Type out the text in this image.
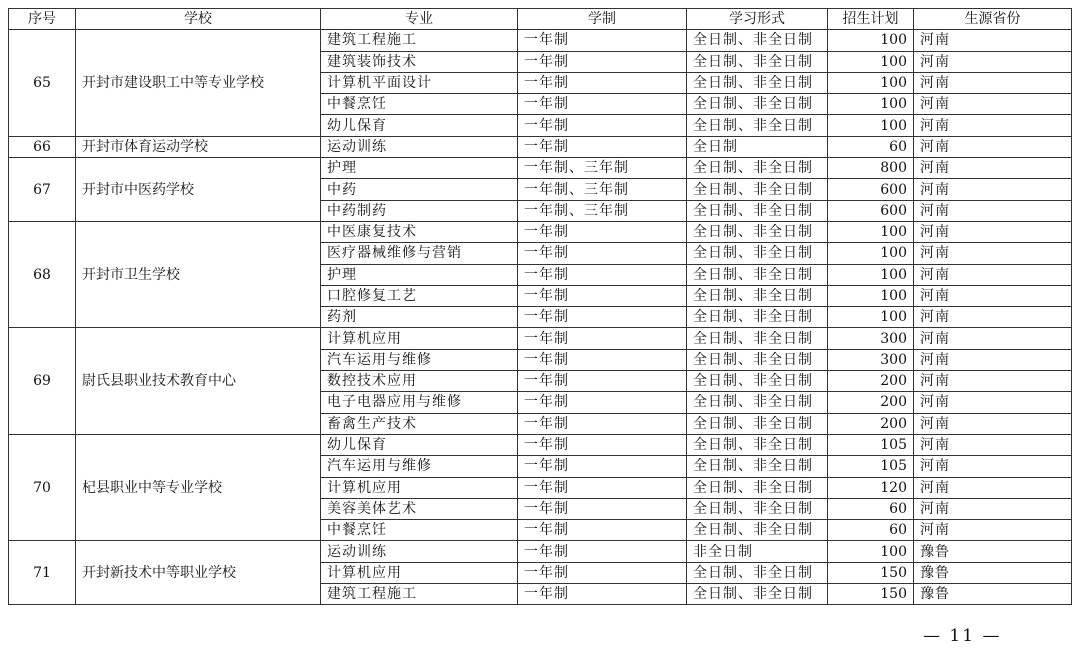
序号	学校	专业	学制	学习形式	招生计划	生源省份
65	开封市建设职工中等专业学校	建筑工程施工	一年制	全日制、非全日制	100	河南
		建筑装饰技术	一年制	全日制、非全日制	100	河南
		计算机平面设计	一年制	全日制、非全日制	100	河南
		中餐烹饪	一年制	全日制、非全日制	100	河南
		幼儿保育	一年制	全日制、非全日制	100	河南
66	开封市体育运动学校	运动训练	一年制	全日制	60	河南
67	开封市中医药学校	护理	一年制、三年制	全日制、非全日制	800	河南
		中药	一年制、三年制	全日制、非全日制	600	河南
		中药制药	一年制、三年制	全日制、非全日制	600	河南
68	开封市卫生学校	中医康复技术	一年制	全日制、非全日制	100	河南
		医疗器械维修与营销	一年制	全日制、非全日制	100	河南
		护理	一年制	全日制、非全日制	100	河南
		口腔修复工艺	一年制	全日制、非全日制	100	河南
		药剂	一年制	全日制、非全日制	100	河南
69	尉氏县职业技术教育中心	计算机应用	一年制	全日制、非全日制	300	河南
		汽车运用与维修	一年制	全日制、非全日制	300	河南
		数控技术应用	一年制	全日制、非全日制	200	河南
		电子电器应用与维修	一年制	全日制、非全日制	200	河南
		畜禽生产技术	一年制	全日制、非全日制	200	河南
70	杞县职业中等专业学校	幼儿保育	一年制	全日制、非全日制	105	河南
		汽车运用与维修	一年制	全日制、非全日制	105	河南
		计算机应用	一年制	全日制、非全日制	120	河南
		美容美体艺术	一年制	全日制、非全日制	60	河南
		中餐烹饪	一年制	全日制、非全日制	60	河南
71	开封新技术中等职业学校	运动训练	一年制	非全日制	100	豫鲁
		计算机应用	一年制	全日制、非全日制	150	豫鲁
		建筑工程施工	一年制	全日制、非全日制	150	豫鲁
— 11 —
